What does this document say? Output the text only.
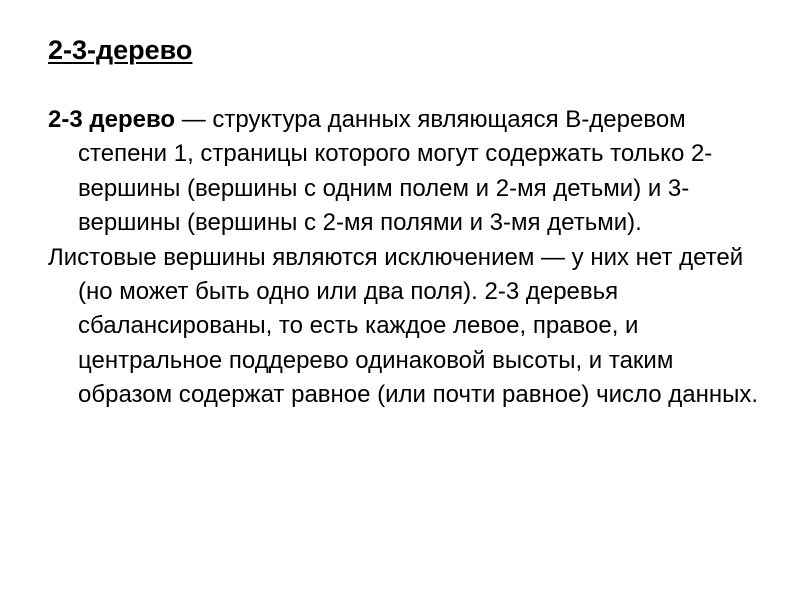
2-3-дерево

2-3 дерево — структура данных являющаяся B-деревом степени 1, страницы которого могут содержать только 2-вершины (вершины с одним полем и 2-мя детьми) и 3-вершины (вершины с 2-мя полями и 3-мя детьми).

Листовые вершины являются исключением — у них нет детей (но может быть одно или два поля). 2-3 деревья сбалансированы, то есть каждое левое, правое, и центральное поддерево одинаковой высоты, и таким образом содержат равное (или почти равное) число данных.
